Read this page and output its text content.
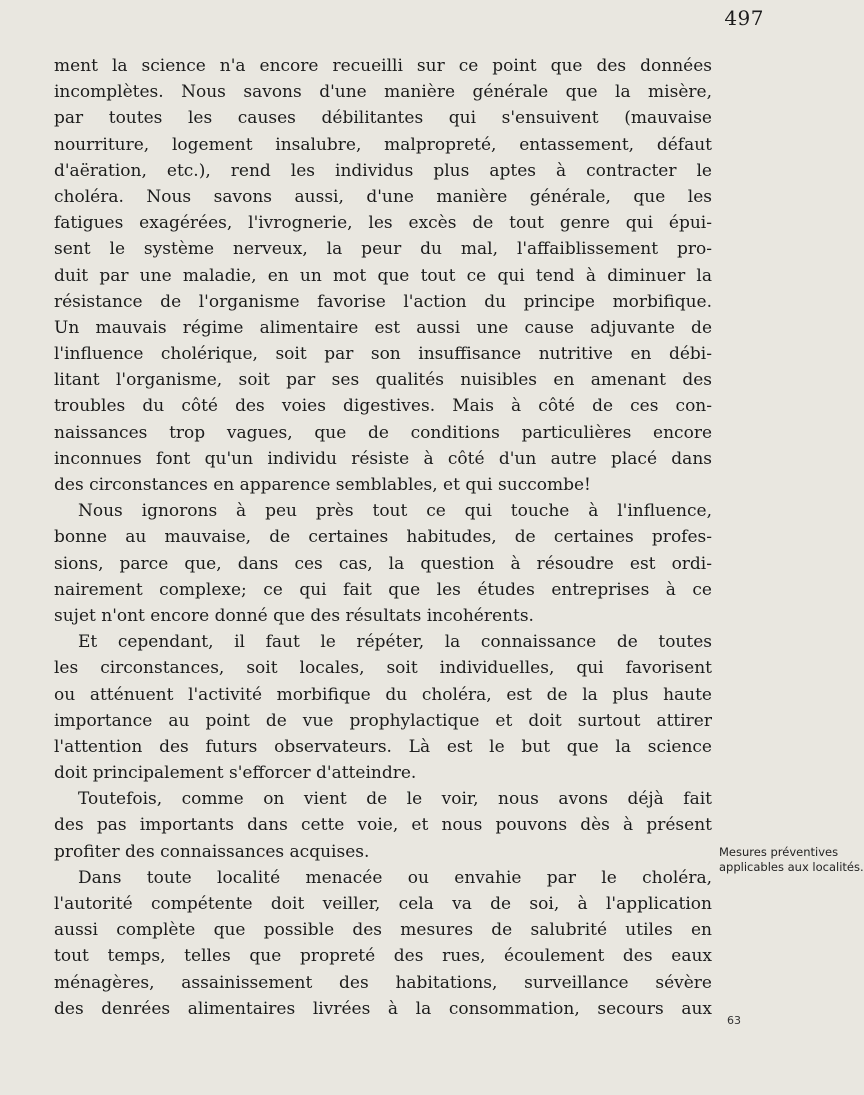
497
ment la science n'a encore recueilli sur ce point que des données
incomplètes. Nous savons d'une manière générale que la misère,
par toutes les causes débilitantes qui s'ensuivent (mauvaise
nourriture, logement insalubre, malpropreté, entassement, défaut
d'aëration, etc.), rend les individus plus aptes à contracter le
choléra. Nous savons aussi, d'une manière générale, que les
fatigues exagérées, l'ivrognerie, les excès de tout genre qui épui-
sent le système nerveux, la peur du mal, l'affaiblissement pro-
duit par une maladie, en un mot que tout ce qui tend à diminuer la
résistance de l'organisme favorise l'action du principe morbifique.
Un mauvais régime alimentaire est aussi une cause adjuvante de
l'influence cholérique, soit par son insuffisance nutritive en débi-
litant l'organisme, soit par ses qualités nuisibles en amenant des
troubles du côté des voies digestives. Mais à côté de ces con-
naissances trop vagues, que de conditions particulières encore
inconnues font qu'un individu résiste à côté d'un autre placé dans
des circonstances en apparence semblables, et qui succombe!
Nous ignorons à peu près tout ce qui touche à l'influence,
bonne au mauvaise, de certaines habitudes, de certaines profes-
sions, parce que, dans ces cas, la question à résoudre est ordi-
nairement complexe; ce qui fait que les études entreprises à ce
sujet n'ont encore donné que des résultats incohérents.
Et cependant, il faut le répéter, la connaissance de toutes
les circonstances, soit locales, soit individuelles, qui favorisent
ou atténuent l'activité morbifique du choléra, est de la plus haute
importance au point de vue prophylactique et doit surtout attirer
l'attention des futurs observateurs. Là est le but que la science
doit principalement s'efforcer d'atteindre.
Toutefois, comme on vient de le voir, nous avons déjà fait
des pas importants dans cette voie, et nous pouvons dès à présent
profiter des connaissances acquises.
Dans toute localité menacée ou envahie par le choléra,
l'autorité compétente doit veiller, cela va de soi, à l'application
aussi complète que possible des mesures de salubrité utiles en
tout temps, telles que propreté des rues, écoulement des eaux
ménagères, assainissement des habitations, surveillance sévère
des denrées alimentaires livrées à la consommation, secours aux
Mesures préventives
applicables aux localités.
63
